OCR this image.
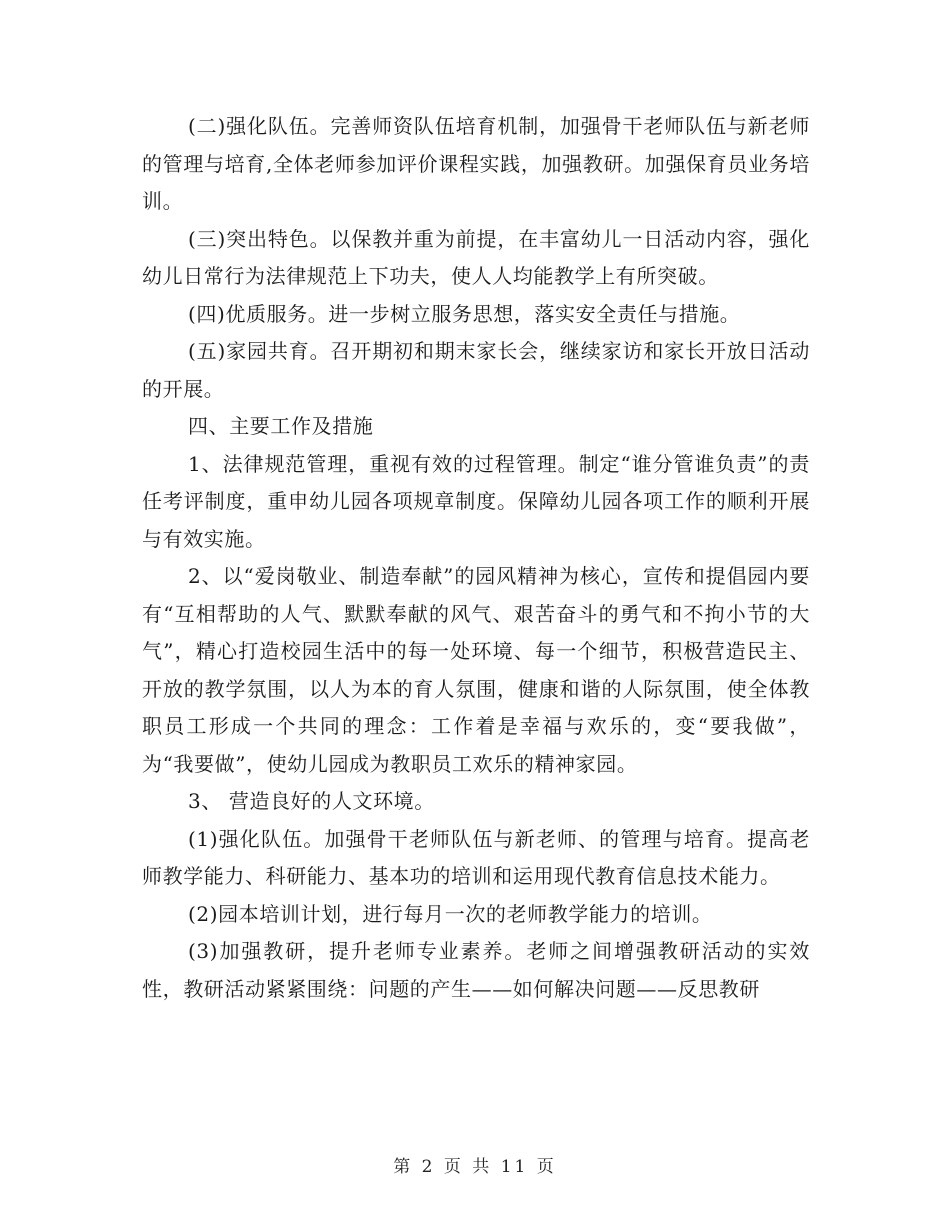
(二)强化队伍。完善师资队伍培育机制，加强骨干老师队伍与新老师的管理与培育,全体老师参加评价课程实践，加强教研。加强保育员业务培训。

(三)突出特色。以保教并重为前提，在丰富幼儿一日活动内容，强化幼儿日常行为法律规范上下功夫，使人人均能教学上有所突破。

(四)优质服务。进一步树立服务思想，落实安全责任与措施。

(五)家园共育。召开期初和期末家长会，继续家访和家长开放日活动的开展。

四、主要工作及措施

1、法律规范管理，重视有效的过程管理。制定“谁分管谁负责”的责任考评制度，重申幼儿园各项规章制度。保障幼儿园各项工作的顺利开展与有效实施。

2、以“爱岗敬业、制造奉献”的园风精神为核心，宣传和提倡园内要有“互相帮助的人气、默默奉献的风气、艰苦奋斗的勇气和不拘小节的大气”，精心打造校园生活中的每一处环境、每一个细节，积极营造民主、开放的教学氛围，以人为本的育人氛围，健康和谐的人际氛围，使全体教职员工形成一个共同的理念：工作着是幸福与欢乐的，变“要我做”，为“我要做”，使幼儿园成为教职员工欢乐的精神家园。

3、 营造良好的人文环境。

(1)强化队伍。加强骨干老师队伍与新老师、的管理与培育。提高老师教学能力、科研能力、基本功的培训和运用现代教育信息技术能力。

(2)园本培训计划，进行每月一次的老师教学能力的培训。

(3)加强教研，提升老师专业素养。老师之间增强教研活动的实效性，教研活动紧紧围绕：问题的产生——如何解决问题——反思教研

第 2 页 共 11 页
